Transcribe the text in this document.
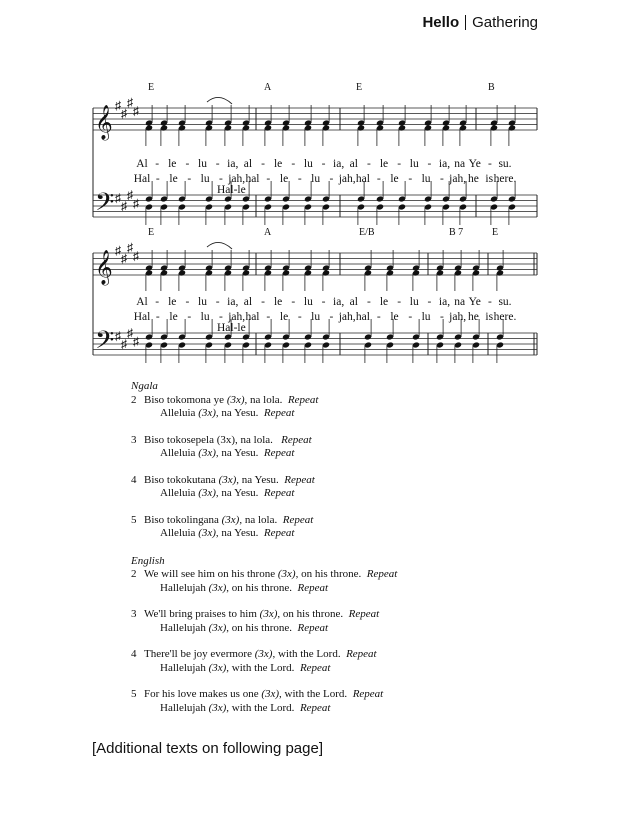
Hello Gathering
𝄞
𝄢
♯
♯
♯
♯
♯
♯
♯
♯
E	A	E	B
Al - le - lu - ia, al - le - lu - ia, al - le - lu - ia, na Ye - su.
Hal - le - lu - jah, hal - le - lu - jah, hal - le - lu - jah, he is here.
Hal-le
𝄞
𝄢
♯
♯
♯
♯
♯
♯
♯
♯
E	A	E/B	B 7	E
Al - le - lu - ia, al - le - lu - ia, al - le - lu - ia, na Ye - su.
Hal - le - lu - jah, hal - le - lu - jah, hal - le - lu - jah, he is here.
Hal-le
Ngala
2 Biso tokomona ye (3x), na lola. Repeat
Alleluia (3x), na Yesu. Repeat
3 Biso tokosepela (3x), na lola. Repeat
Alleluia (3x), na Yesu. Repeat
4 Biso tokokutana (3x), na Yesu. Repeat
Alleluia (3x), na Yesu. Repeat
5 Biso tokolingana (3x), na lola. Repeat
Alleluia (3x), na Yesu. Repeat
English
2 We will see him on his throne (3x), on his throne. Repeat
Hallelujah (3x), on his throne. Repeat
3 We'll bring praises to him (3x), on his throne. Repeat
Hallelujah (3x), on his throne. Repeat
4 There'll be joy evermore (3x), with the Lord. Repeat
Hallelujah (3x), with the Lord. Repeat
5 For his love makes us one (3x), with the Lord. Repeat
Hallelujah (3x), with the Lord. Repeat
[Additional texts on following page]
